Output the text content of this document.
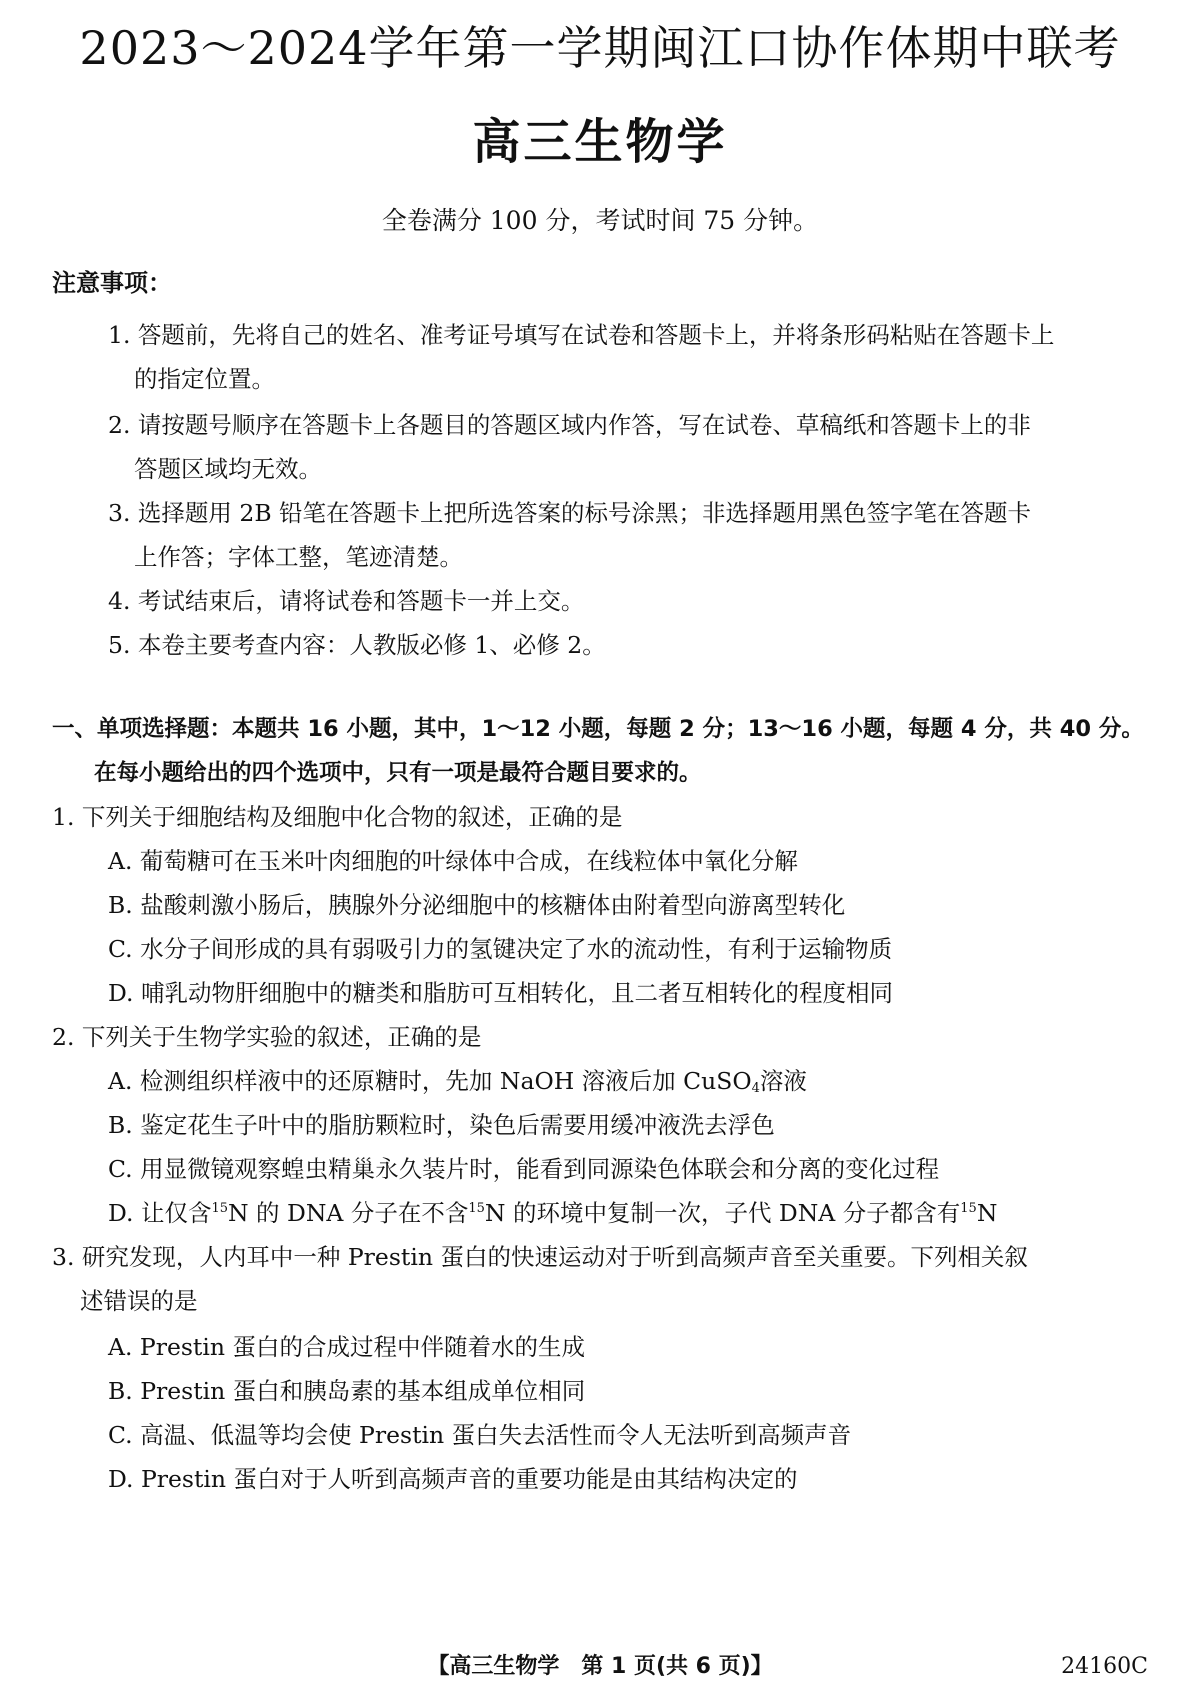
2023～2024学年第一学期闽江口协作体期中联考
高三生物学
全卷满分 100 分，考试时间 75 分钟。
注意事项：
1. 答题前，先将自己的姓名、准考证号填写在试卷和答题卡上，并将条形码粘贴在答题卡上
的指定位置。
2. 请按题号顺序在答题卡上各题目的答题区域内作答，写在试卷、草稿纸和答题卡上的非
答题区域均无效。
3. 选择题用 2B 铅笔在答题卡上把所选答案的标号涂黑；非选择题用黑色签字笔在答题卡
上作答；字体工整，笔迹清楚。
4. 考试结束后，请将试卷和答题卡一并上交。
5. 本卷主要考查内容：人教版必修 1、必修 2。
一、单项选择题：本题共 16 小题，其中，1～12 小题，每题 2 分；13～16 小题，每题 4 分，共 40 分。
在每小题给出的四个选项中，只有一项是最符合题目要求的。
1. 下列关于细胞结构及细胞中化合物的叙述，正确的是
A. 葡萄糖可在玉米叶肉细胞的叶绿体中合成，在线粒体中氧化分解
B. 盐酸刺激小肠后，胰腺外分泌细胞中的核糖体由附着型向游离型转化
C. 水分子间形成的具有弱吸引力的氢键决定了水的流动性，有利于运输物质
D. 哺乳动物肝细胞中的糖类和脂肪可互相转化，且二者互相转化的程度相同
2. 下列关于生物学实验的叙述，正确的是
A. 检测组织样液中的还原糖时，先加 NaOH 溶液后加 CuSO$_4$溶液
B. 鉴定花生子叶中的脂肪颗粒时，染色后需要用缓冲液洗去浮色
C. 用显微镜观察蝗虫精巢永久装片时，能看到同源染色体联会和分离的变化过程
D. 让仅含$^{15}$N 的 DNA 分子在不含$^{15}$N 的环境中复制一次，子代 DNA 分子都含有$^{15}$N
3. 研究发现，人内耳中一种 Prestin 蛋白的快速运动对于听到高频声音至关重要。下列相关叙
述错误的是
A. Prestin 蛋白的合成过程中伴随着水的生成
B. Prestin 蛋白和胰岛素的基本组成单位相同
C. 高温、低温等均会使 Prestin 蛋白失去活性而令人无法听到高频声音
D. Prestin 蛋白对于人听到高频声音的重要功能是由其结构决定的
【高三生物学　第 1 页(共 6 页)】	24160C
